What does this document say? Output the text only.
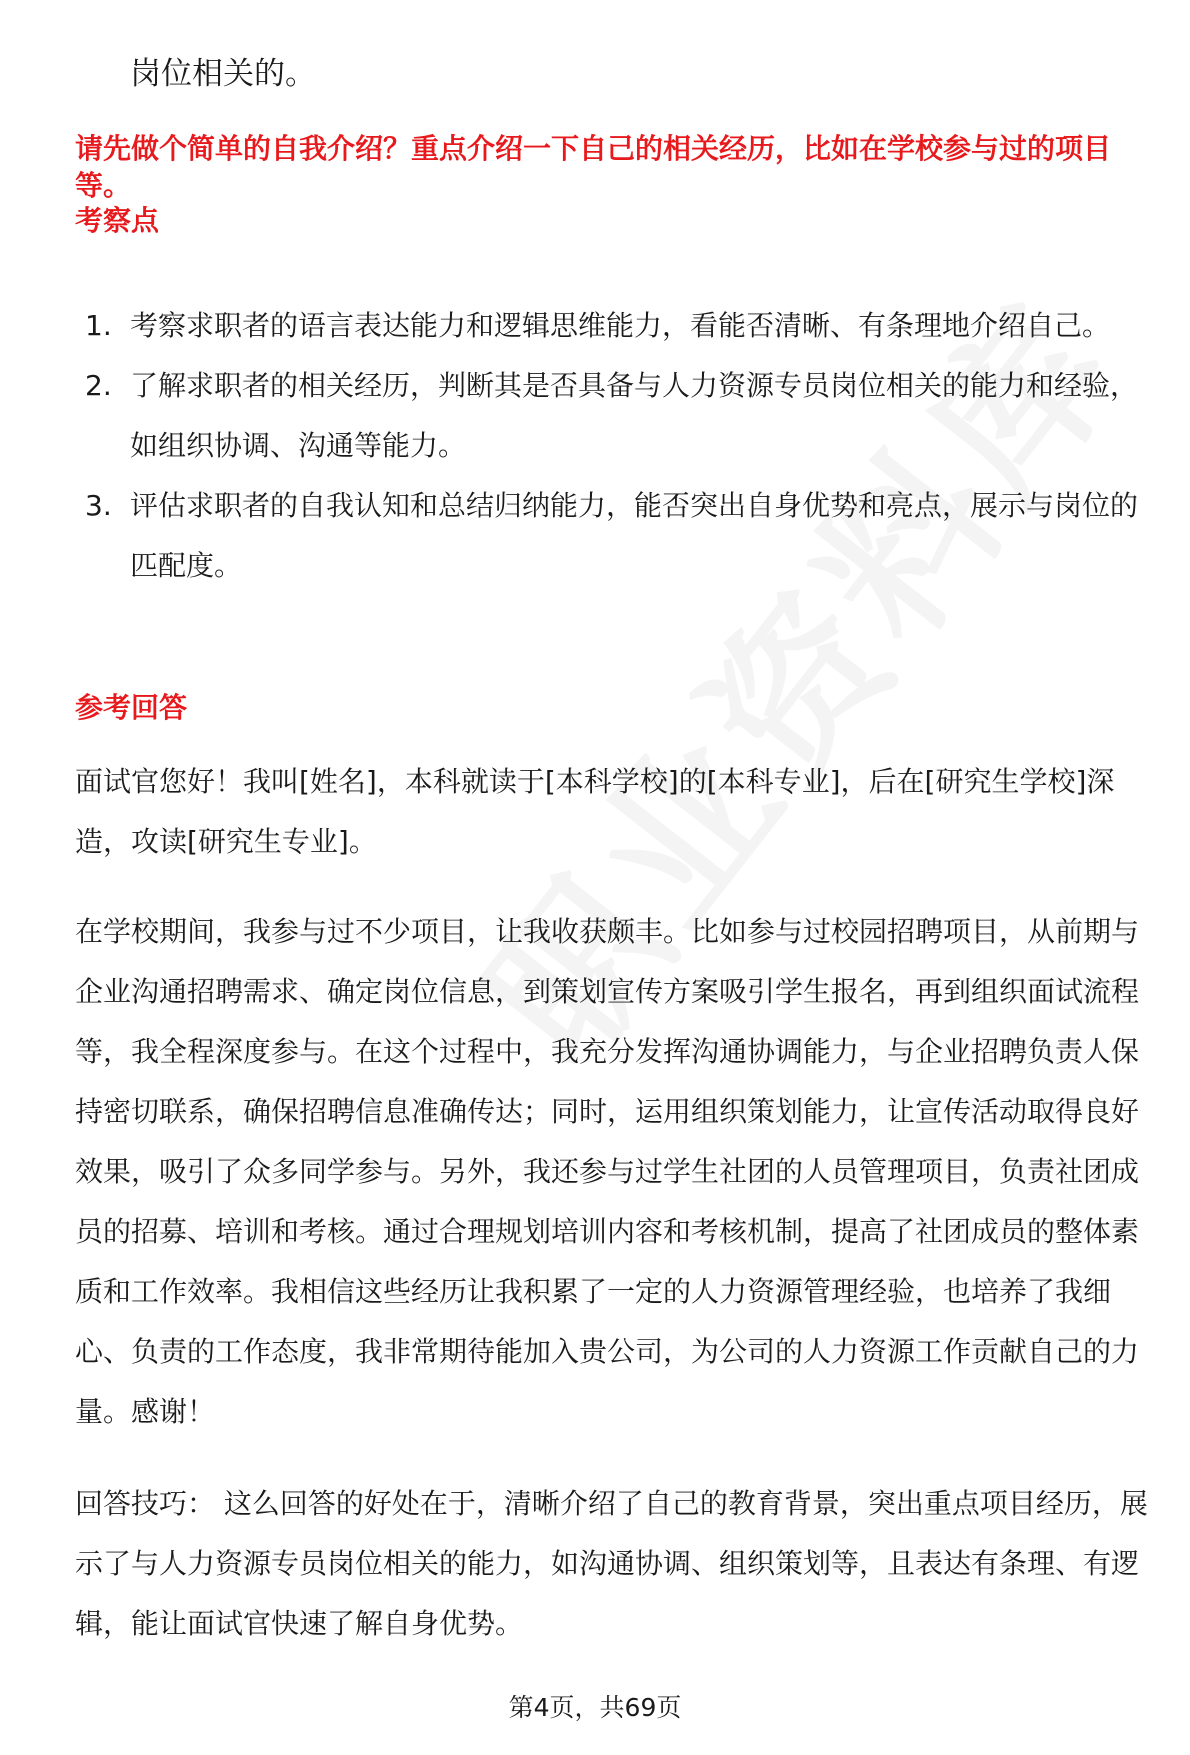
岗位相关的。
请先做个简单的自我介绍？重点介绍一下自己的相关经历，比如在学校参与过的项目等。
考察点
1. 考察求职者的语言表达能力和逻辑思维能力，看能否清晰、有条理地介绍自己。
2. 了解求职者的相关经历，判断其是否具备与人力资源专员岗位相关的能力和经验，如组织协调、沟通等能力。
3. 评估求职者的自我认知和总结归纳能力，能否突出自身优势和亮点，展示与岗位的匹配度。
参考回答

面试官您好！我叫[姓名]，本科就读于[本科学校]的[本科专业]，后在[研究生学校]深造，攻读[研究生专业]。

在学校期间，我参与过不少项目，让我收获颇丰。比如参与过校园招聘项目，从前期与企业沟通招聘需求、确定岗位信息，到策划宣传方案吸引学生报名，再到组织面试流程等，我全程深度参与。在这个过程中，我充分发挥沟通协调能力，与企业招聘负责人保持密切联系，确保招聘信息准确传达；同时，运用组织策划能力，让宣传活动取得良好效果，吸引了众多同学参与。另外，我还参与过学生社团的人员管理项目，负责社团成员的招募、培训和考核。通过合理规划培训内容和考核机制，提高了社团成员的整体素质和工作效率。我相信这些经历让我积累了一定的人力资源管理经验，也培养了我细心、负责的工作态度，我非常期待能加入贵公司，为公司的人力资源工作贡献自己的力量。感谢！

回答技巧： 这么回答的好处在于，清晰介绍了自己的教育背景，突出重点项目经历，展示了与人力资源专员岗位相关的能力，如沟通协调、组织策划等，且表达有条理、有逻辑，能让面试官快速了解自身优势。

第4页，共69页
